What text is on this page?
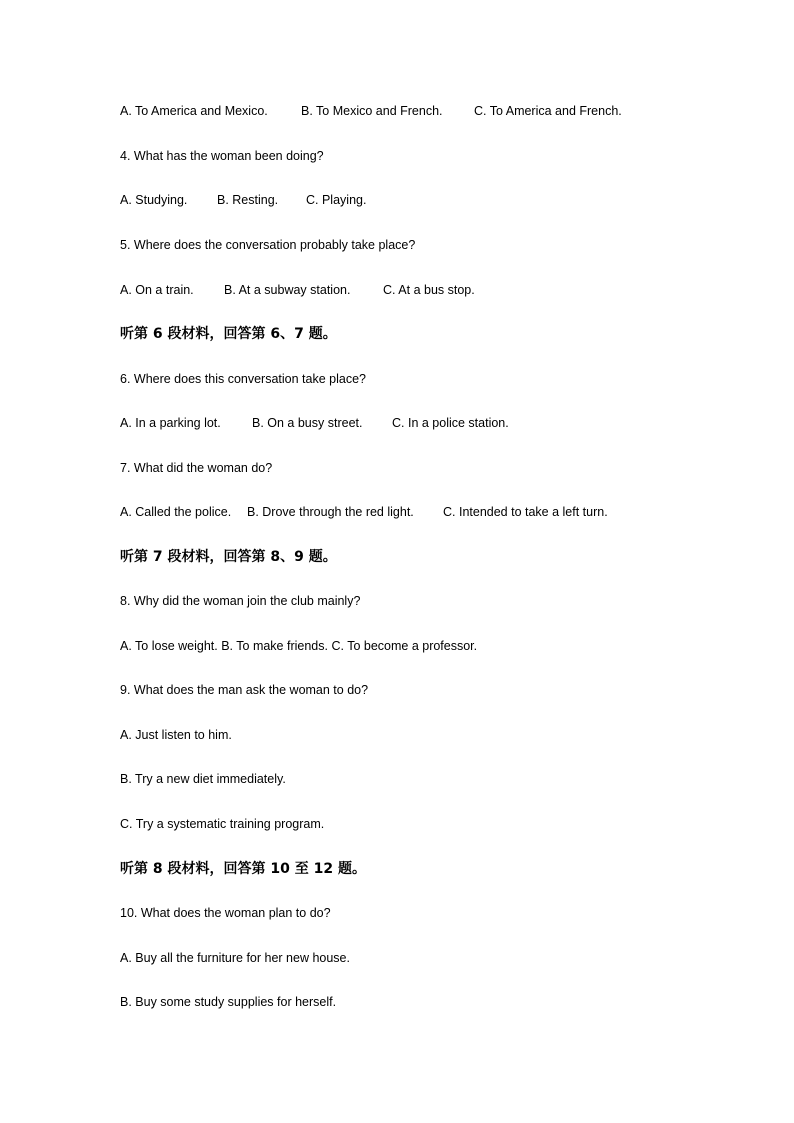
A. To America and Mexico.	B. To Mexico and French.	C. To America and French.
4. What has the woman been doing?
A. Studying. B. Resting. C. Playing.
5. Where does the conversation probably take place?
A. On a train. B. At a subway station.	C. At a bus stop.
听第 6 段材料，回答第 6、7 题。
6. Where does this conversation take place?
A. In a parking lot. B. On a busy street. C. In a police station.
7. What did the woman do?
A. Called the police. B. Drove through the red light. C. Intended to take a left turn.
听第 7 段材料，回答第 8、9 题。
8. Why did the woman join the club mainly?
A. To lose weight. B. To make friends. C. To become a professor.
9. What does the man ask the woman to do?
A. Just listen to him.
B. Try a new diet immediately.
C. Try a systematic training program.
听第 8 段材料，回答第 10 至 12 题。
10. What does the woman plan to do?
A. Buy all the furniture for her new house.
B. Buy some study supplies for herself.
